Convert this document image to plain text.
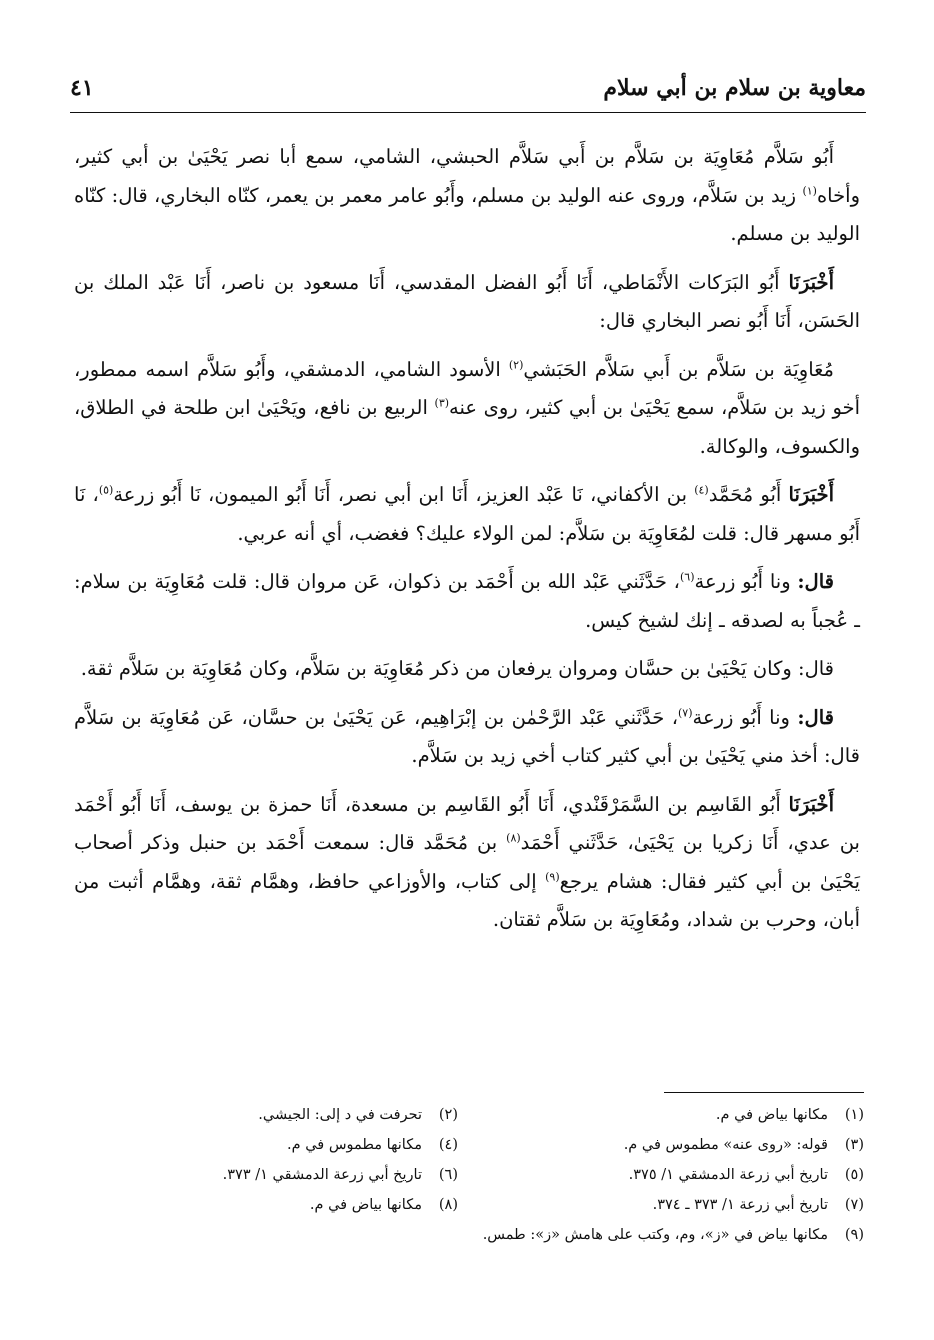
معاوية بن سلام بن أبي سلام
٤١

أَبُو سَلاَّم مُعَاوِيَة بن سَلاَّم بن أَبي سَلاَّم الحبشي، الشامي، سمع أبا نصر يَحْيَىٰ بن أبي كثير، وأخاه$^{(١)}$ زيد بن سَلاَّم، وروى عنه الوليد بن مسلم، وأَبُو عامر معمر بن يعمر، كنّاه البخاري، قال: كنّاه الوليد بن مسلم.

أَخْبَرَنَا أَبُو البَرَكات الأَنْمَاطي، أَنَا أَبُو الفضل المقدسي، أَنَا مسعود بن ناصر، أَنَا عَبْد الملك بن الحَسَن، أَنَا أَبُو نصر البخاري قال:

مُعَاوِيَة بن سَلاَّم بن أَبي سَلاَّم الحَبَشي$^{(٢)}$ الأسود الشامي، الدمشقي، وأَبُو سَلاَّم اسمه ممطور، أخو زيد بن سَلاَّم، سمع يَحْيَىٰ بن أبي كثير، روى عنه$^{(٣)}$ الربيع بن نافع، ويَحْيَىٰ ابن طلحة في الطلاق، والكسوف، والوكالة.

أَخْبَرَنَا أَبُو مُحَمَّد$^{(٤)}$ بن الأكفاني، نَا عَبْد العزيز، أَنَا ابن أبي نصر، أَنَا أَبُو الميمون، نَا أَبُو زرعة$^{(٥)}$، نَا أَبُو مسهر قال: قلت لمُعَاوِيَة بن سَلاَّم: لمن الولاء عليك؟ فغضب، أي أنه عربي.

قال: ونا أَبُو زرعة$^{(٦)}$، حَدَّثَني عَبْد الله بن أَحْمَد بن ذكوان، عَن مروان قال: قلت مُعَاوِيَة بن سلام: ـ عُجباً به لصدقه ـ إنك لشيخ كيس.

قال: وكان يَحْيَىٰ بن حسَّان ومروان يرفعان من ذكر مُعَاوِيَة بن سَلاَّم، وكان مُعَاوِيَة بن سَلاَّم ثقة.

قال: ونا أَبُو زرعة$^{(٧)}$، حَدَّثَني عَبْد الرَّحْمٰن بن إبْرَاهِيم، عَن يَحْيَىٰ بن حسَّان، عَن مُعَاوِيَة بن سَلاَّم قال: أخذ مني يَحْيَىٰ بن أبي كثير كتاب أخي زيد بن سَلاَّم.

أَخْبَرَنَا أَبُو القَاسِم بن السَّمَرْقَنْدي، أَنَا أَبُو القَاسِم بن مسعدة، أَنَا حمزة بن يوسف، أَنَا أَبُو أَحْمَد بن عدي، أَنَا زكريا بن يَحْيَىٰ، حَدَّثَني أَحْمَد$^{(٨)}$ بن مُحَمَّد قال: سمعت أَحْمَد بن حنبل وذكر أصحاب يَحْيَىٰ بن أبي كثير فقال: هشام يرجع$^{(٩)}$ إلى كتاب، والأوزاعي حافظ، وهمَّام ثقة، وهمَّام أثبت من أبان، وحرب بن شداد، ومُعَاوِيَة بن سَلاَّم ثقتان.

(١)
مكانها بياض في م.
(٢)
تحرفت في د إلى: الجيشي.
(٣)
قوله: «روى عنه» مطموس في م.
(٤)
مكانها مطموس في م.
(٥)
تاريخ أبي زرعة الدمشقي ١/ ٣٧٥.
(٦)
تاريخ أبي زرعة الدمشقي ١/ ٣٧٣.
(٧)
تاريخ أبي زرعة ١/ ٣٧٣ ـ ٣٧٤.
(٨)
مكانها بياض في م.
(٩)
مكانها بياض في «ز»، وم، وكتب على هامش «ز»: طمس.
